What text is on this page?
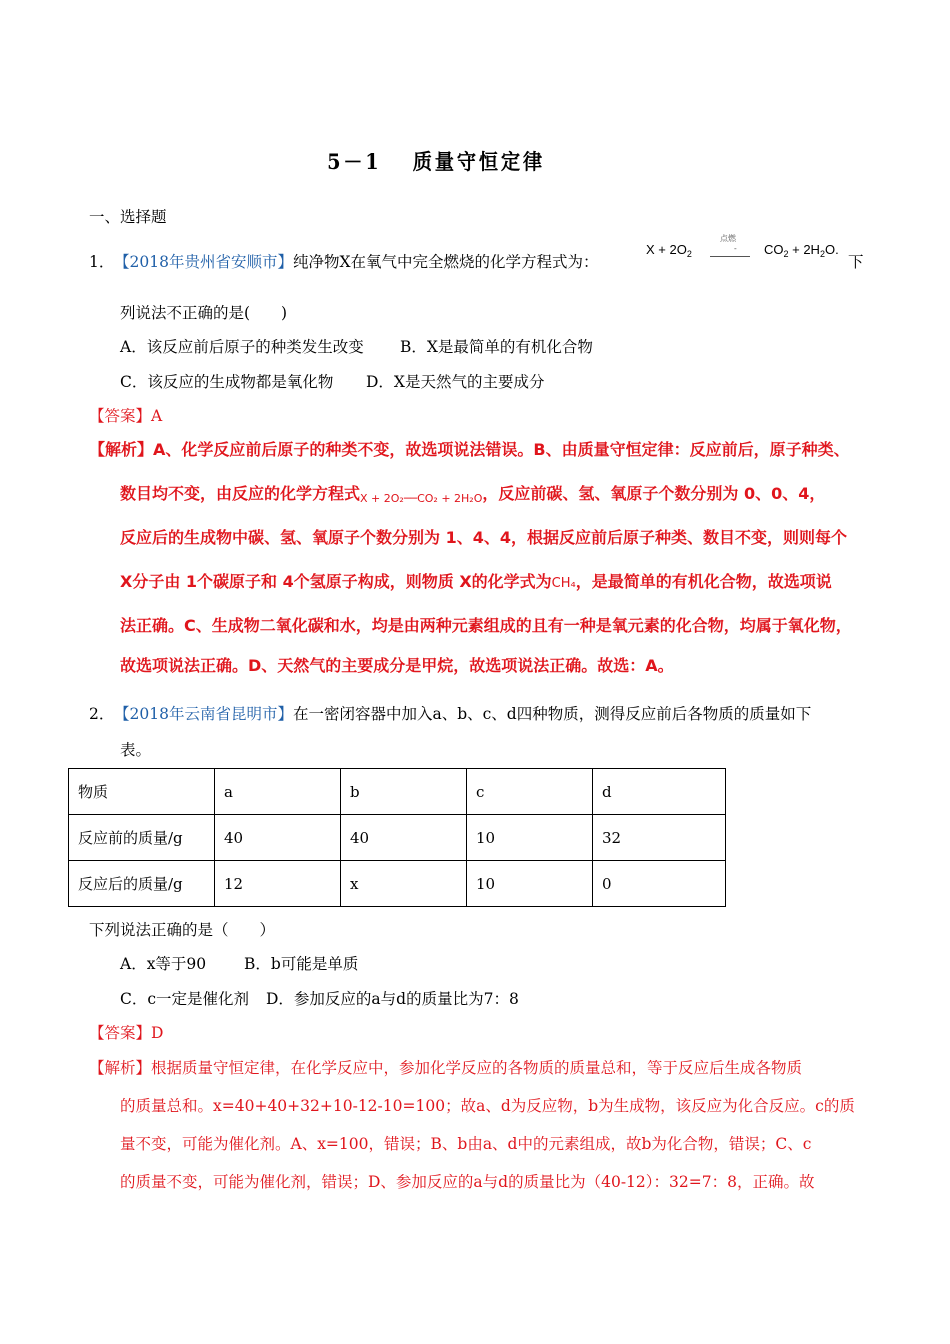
5－1 质量守恒定律
一、选择题
1． 【2018年贵州省安顺市】纯净物X在氧气中完全燃烧的化学方程式为：
$X + 2O_2$
点燃
- $CO_2 + 2H_2O$.
下
列说法不正确的是(　　)
A．该反应前后原子的种类发生改变 B．X是最简单的有机化合物
C．该反应的生成物都是氧化物 D．X是天然气的主要成分
【答案】A
【解析】A、化学反应前后原子的种类不变，故选项说法错误。B、由质量守恒定律：反应前后，原子种类、
数目均不变，由反应的化学方程式X + 2O₂──CO₂ + 2H₂O，反应前碳、氢、氧原子个数分别为 0、0、4，
反应后的生成物中碳、氢、氧原子个数分别为 1、4、4，根据反应前后原子种类、数目不变，则则每个
X分子由 1个碳原子和 4个氢原子构成，则物质 X的化学式为CH₄，是最简单的有机化合物，故选项说
法正确。C、生成物二氧化碳和水，均是由两种元素组成的且有一种是氧元素的化合物，均属于氧化物，
故选项说法正确。D、天然气的主要成分是甲烷，故选项说法正确。故选：A。
2． 【2018年云南省昆明市】在一密闭容器中加入a、b、c、d四种物质，测得反应前后各物质的质量如下
表。
物质	a	b	c	d
反应前的质量/g	40	40	10	32
反应后的质量/g	12	x	10	0
下列说法正确的是（　　）
A．x等于90 B．b可能是单质
C．c一定是催化剂 D．参加反应的a与d的质量比为7：8
【答案】D
【解析】根据质量守恒定律，在化学反应中，参加化学反应的各物质的质量总和，等于反应后生成各物质
的质量总和。x=40+40+32+10-12-10=100；故a、d为反应物，b为生成物，该反应为化合反应。c的质
量不变，可能为催化剂。A、x=100，错误；B、b由a、d中的元素组成，故b为化合物，错误；C、c
的质量不变，可能为催化剂，错误；D、参加反应的a与d的质量比为（40-12）：32=7：8，正确。故
